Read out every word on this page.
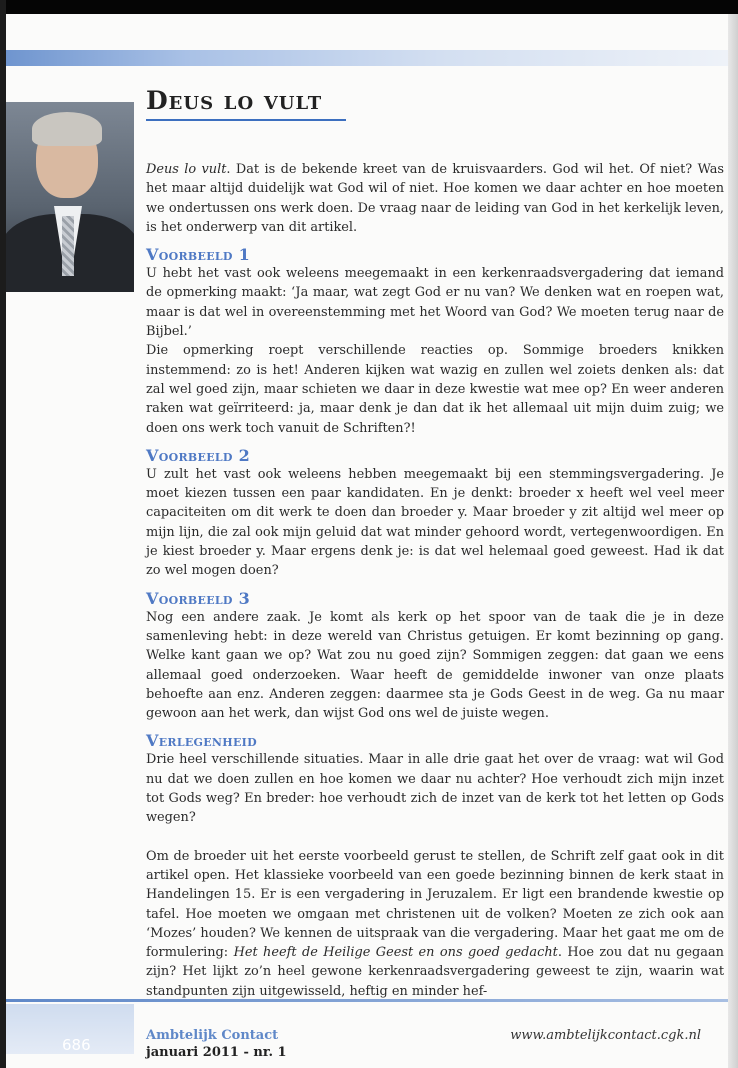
Deus lo vult

Deus lo vult. Dat is de bekende kreet van de kruisvaarders. God wil het. Of niet? Was het maar altijd duidelijk wat God wil of niet. Hoe komen we daar achter en hoe moeten we ondertussen ons werk doen. De vraag naar de leiding van God in het kerkelijk leven, is het onderwerp van dit artikel.

Voorbeeld 1

U hebt het vast ook weleens meegemaakt in een kerkenraadsvergadering dat iemand de opmerking maakt: ‘Ja maar, wat zegt God er nu van? We denken wat en roepen wat, maar is dat wel in overeenstemming met het Woord van God? We moeten terug naar de Bijbel.’

Die opmerking roept verschillende reacties op. Sommige broeders knikken instemmend: zo is het! Anderen kijken wat wazig en zullen wel zoiets denken als: dat zal wel goed zijn, maar schieten we daar in deze kwestie wat mee op? En weer anderen raken wat geïrriteerd: ja, maar denk je dan dat ik het allemaal uit mijn duim zuig; we doen ons werk toch vanuit de Schriften?!

Voorbeeld 2

U zult het vast ook weleens hebben meegemaakt bij een stemmingsvergadering. Je moet kiezen tussen een paar kandidaten. En je denkt: broeder x heeft wel veel meer capaciteiten om dit werk te doen dan broeder y. Maar broeder y zit altijd wel meer op mijn lijn, die zal ook mijn geluid dat wat minder gehoord wordt, vertegenwoordigen. En je kiest broeder y. Maar ergens denk je: is dat wel helemaal goed geweest. Had ik dat zo wel mogen doen?

Voorbeeld 3

Nog een andere zaak. Je komt als kerk op het spoor van de taak die je in deze samenleving hebt: in deze wereld van Christus getuigen. Er komt bezinning op gang. Welke kant gaan we op? Wat zou nu goed zijn? Sommigen zeggen: dat gaan we eens allemaal goed onderzoeken. Waar heeft de gemiddelde inwoner van onze plaats behoefte aan enz. Anderen zeggen: daarmee sta je Gods Geest in de weg. Ga nu maar gewoon aan het werk, dan wijst God ons wel de juiste wegen.

Verlegenheid

Drie heel verschillende situaties. Maar in alle drie gaat het over de vraag: wat wil God nu dat we doen zullen en hoe komen we daar nu achter? Hoe verhoudt zich mijn inzet tot Gods weg? En breder: hoe verhoudt zich de inzet van de kerk tot het letten op Gods wegen?

Om de broeder uit het eerste voorbeeld gerust te stellen, de Schrift zelf gaat ook in dit artikel open. Het klassieke voorbeeld van een goede bezinning binnen de kerk staat in Handelingen 15. Er is een vergadering in Jeruzalem. Er ligt een brandende kwestie op tafel. Hoe moeten we omgaan met christenen uit de volken? Moeten ze zich ook aan ‘Mozes’ houden? We kennen de uitspraak van die vergadering. Maar het gaat me om de formulering: Het heeft de Heilige Geest en ons goed gedacht. Hoe zou dat nu gegaan zijn? Het lijkt zo’n heel gewone kerkenraadsvergadering geweest te zijn, waarin wat standpunten zijn uitgewisseld, heftig en minder hef-

686
Ambtelijk Contact
januari 2011 - nr. 1
www.ambtelijkcontact.cgk.nl
